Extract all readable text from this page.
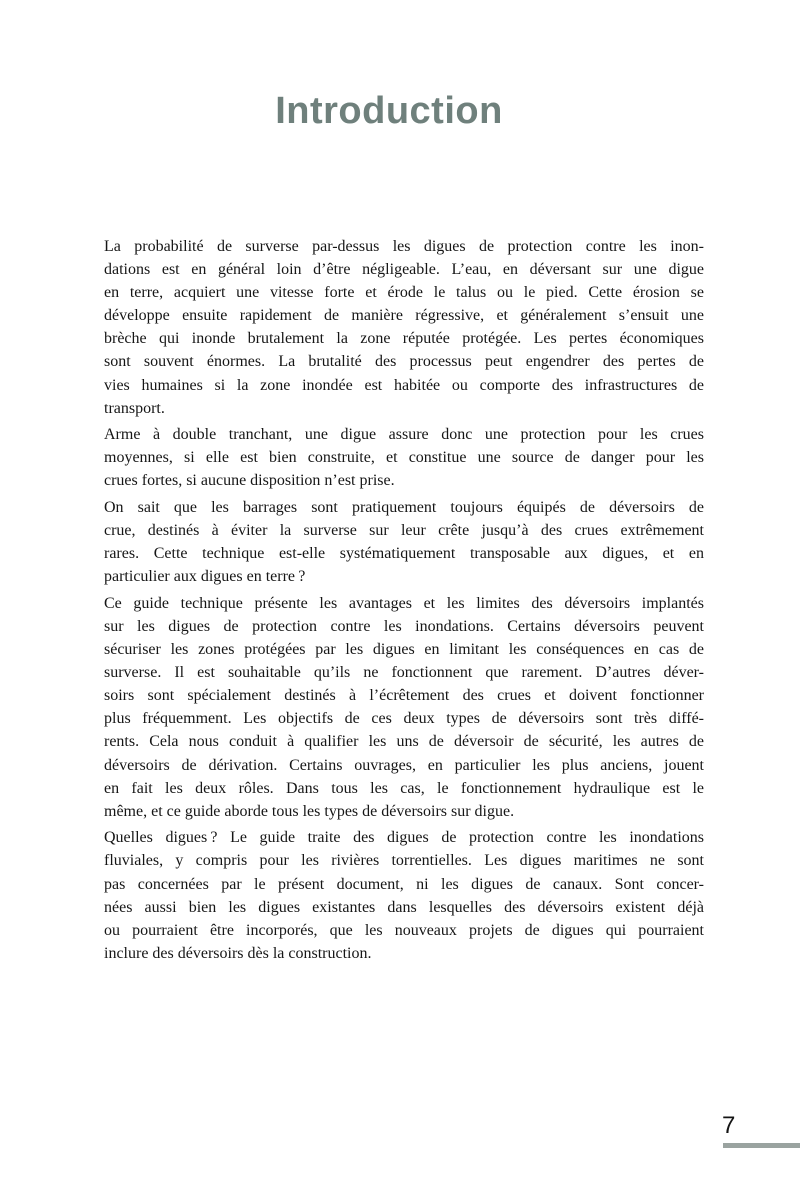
Introduction
La probabilité de surverse par-dessus les digues de protection contre les inon-
dations est en général loin d’être négligeable. L’eau, en déversant sur une digue
en terre, acquiert une vitesse forte et érode le talus ou le pied. Cette érosion se
développe ensuite rapidement de manière régressive, et généralement s’ensuit une
brèche qui inonde brutalement la zone réputée protégée. Les pertes économiques
sont souvent énormes. La brutalité des processus peut engendrer des pertes de
vies humaines si la zone inondée est habitée ou comporte des infrastructures de
transport.
Arme à double tranchant, une digue assure donc une protection pour les crues
moyennes, si elle est bien construite, et constitue une source de danger pour les
crues fortes, si aucune disposition n’est prise.
On sait que les barrages sont pratiquement toujours équipés de déversoirs de
crue, destinés à éviter la surverse sur leur crête jusqu’à des crues extrêmement
rares. Cette technique est-elle systématiquement transposable aux digues, et en
particulier aux digues en terre ?
Ce guide technique présente les avantages et les limites des déversoirs implantés
sur les digues de protection contre les inondations. Certains déversoirs peuvent
sécuriser les zones protégées par les digues en limitant les conséquences en cas de
surverse. Il est souhaitable qu’ils ne fonctionnent que rarement. D’autres déver-
soirs sont spécialement destinés à l’écrêtement des crues et doivent fonctionner
plus fréquemment. Les objectifs de ces deux types de déversoirs sont très diffé-
rents. Cela nous conduit à qualifier les uns de déversoir de sécurité, les autres de
déversoirs de dérivation. Certains ouvrages, en particulier les plus anciens, jouent
en fait les deux rôles. Dans tous les cas, le fonctionnement hydraulique est le
même, et ce guide aborde tous les types de déversoirs sur digue.
Quelles digues ? Le guide traite des digues de protection contre les inondations
fluviales, y compris pour les rivières torrentielles. Les digues maritimes ne sont
pas concernées par le présent document, ni les digues de canaux. Sont concer-
nées aussi bien les digues existantes dans lesquelles des déversoirs existent déjà
ou pourraient être incorporés, que les nouveaux projets de digues qui pourraient
inclure des déversoirs dès la construction.
7
